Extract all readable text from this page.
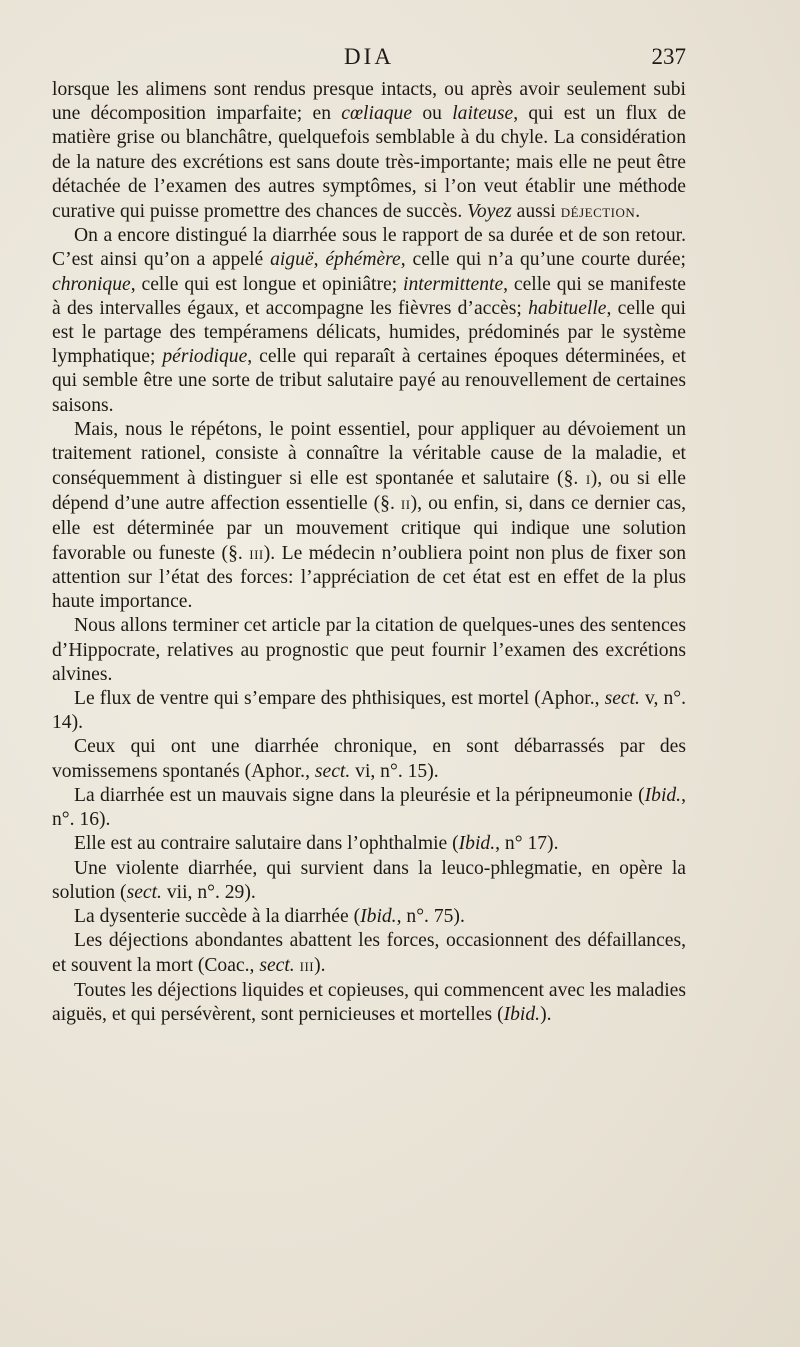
DIA	237

lorsque les alimens sont rendus presque intacts, ou après avoir seulement subi une décomposition imparfaite; en cœliaque ou laiteuse, qui est un flux de matière grise ou blanchâtre, quelquefois semblable à du chyle. La considération de la nature des excrétions est sans doute très-importante; mais elle ne peut être détachée de l’examen des autres symptômes, si l’on veut établir une méthode curative qui puisse promettre des chances de succès. Voyez aussi déjection.

On a encore distingué la diarrhée sous le rapport de sa durée et de son retour. C’est ainsi qu’on a appelé aiguë, éphémère, celle qui n’a qu’une courte durée; chronique, celle qui est longue et opiniâtre; intermittente, celle qui se manifeste à des intervalles égaux, et accompagne les fièvres d’accès; habituelle, celle qui est le partage des tempéramens délicats, humides, prédominés par le système lymphatique; périodique, celle qui reparaît à certaines époques déterminées, et qui semble être une sorte de tribut salutaire payé au renouvellement de certaines saisons.

Mais, nous le répétons, le point essentiel, pour appliquer au dévoiement un traitement rationel, consiste à connaître la véritable cause de la maladie, et conséquemment à distinguer si elle est spontanée et salutaire (§. i), ou si elle dépend d’une autre affection essentielle (§. ii), ou enfin, si, dans ce dernier cas, elle est déterminée par un mouvement critique qui indique une solution favorable ou funeste (§. iii). Le médecin n’oubliera point non plus de fixer son attention sur l’état des forces: l’appréciation de cet état est en effet de la plus haute importance.

Nous allons terminer cet article par la citation de quelques-unes des sentences d’Hippocrate, relatives au prognostic que peut fournir l’examen des excrétions alvines.

Le flux de ventre qui s’empare des phthisiques, est mortel (Aphor., sect. v, n°. 14).

Ceux qui ont une diarrhée chronique, en sont débarrassés par des vomissemens spontanés (Aphor., sect. vi, n°. 15).

La diarrhée est un mauvais signe dans la pleurésie et la péripneumonie (Ibid., n°. 16).

Elle est au contraire salutaire dans l’ophthalmie (Ibid., n° 17).

Une violente diarrhée, qui survient dans la leuco-phlegmatie, en opère la solution (sect. vii, n°. 29).

La dysenterie succède à la diarrhée (Ibid., n°. 75).

Les déjections abondantes abattent les forces, occasionnent des défaillances, et souvent la mort (Coac., sect. iii).

Toutes les déjections liquides et copieuses, qui commencent avec les maladies aiguës, et qui persévèrent, sont pernicieuses et mortelles (Ibid.).
